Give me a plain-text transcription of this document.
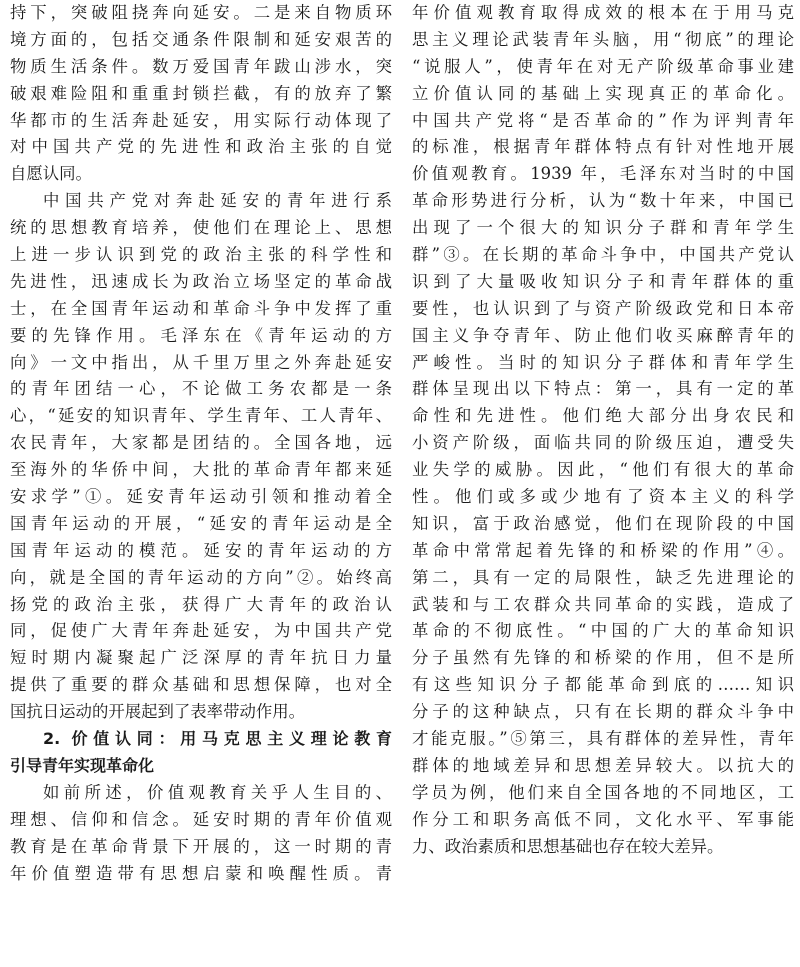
持下，突破阻挠奔向延安。二是来自物质环
境方面的，包括交通条件限制和延安艰苦的
物质生活条件。数万爱国青年跋山涉水，突
破艰难险阻和重重封锁拦截，有的放弃了繁
华都市的生活奔赴延安，用实际行动体现了
对中国共产党的先进性和政治主张的自觉
自愿认同。
中国共产党对奔赴延安的青年进行系
统的思想教育培养，使他们在理论上、思想
上进一步认识到党的政治主张的科学性和
先进性，迅速成长为政治立场坚定的革命战
士，在全国青年运动和革命斗争中发挥了重
要的先锋作用。毛泽东在《青年运动的方
向》一文中指出，从千里万里之外奔赴延安
的青年团结一心，不论做工务农都是一条
心，“延安的知识青年、学生青年、工人青年、
农民青年，大家都是团结的。全国各地，远
至海外的华侨中间，大批的革命青年都来延
安求学”①。延安青年运动引领和推动着全
国青年运动的开展，“延安的青年运动是全
国青年运动的模范。延安的青年运动的方
向，就是全国的青年运动的方向”②。始终高
扬党的政治主张，获得广大青年的政治认
同，促使广大青年奔赴延安，为中国共产党
短时期内凝聚起广泛深厚的青年抗日力量
提供了重要的群众基础和思想保障，也对全
国抗日运动的开展起到了表率带动作用。
2. 价值认同：用马克思主义理论教育
引导青年实现革命化
如前所述，价值观教育关乎人生目的、
理想、信仰和信念。延安时期的青年价值观
教育是在革命背景下开展的，这一时期的青
年价值塑造带有思想启蒙和唤醒性质。青
年价值观教育取得成效的根本在于用马克
思主义理论武装青年头脑，用“彻底”的理论
“说服人”，使青年在对无产阶级革命事业建
立价值认同的基础上实现真正的革命化。
中国共产党将“是否革命的”作为评判青年
的标准，根据青年群体特点有针对性地开展
价值观教育。1939 年，毛泽东对当时的中国
革命形势进行分析，认为“数十年来，中国已
出现了一个很大的知识分子群和青年学生
群”③。在长期的革命斗争中，中国共产党认
识到了大量吸收知识分子和青年群体的重
要性，也认识到了与资产阶级政党和日本帝
国主义争夺青年、防止他们收买麻醉青年的
严峻性。当时的知识分子群体和青年学生
群体呈现出以下特点：第一，具有一定的革
命性和先进性。他们绝大部分出身农民和
小资产阶级，面临共同的阶级压迫，遭受失
业失学的威胁。因此，“他们有很大的革命
性。他们或多或少地有了资本主义的科学
知识，富于政治感觉，他们在现阶段的中国
革命中常常起着先锋的和桥梁的作用”④。
第二，具有一定的局限性，缺乏先进理论的
武装和与工农群众共同革命的实践，造成了
革命的不彻底性。“中国的广大的革命知识
分子虽然有先锋的和桥梁的作用，但不是所
有这些知识分子都能革命到底的……知识
分子的这种缺点，只有在长期的群众斗争中
才能克服。”⑤第三，具有群体的差异性，青年
群体的地域差异和思想差异较大。以抗大的
学员为例，他们来自全国各地的不同地区，工
作分工和职务高低不同，文化水平、军事能
力、政治素质和思想基础也存在较大差异。
